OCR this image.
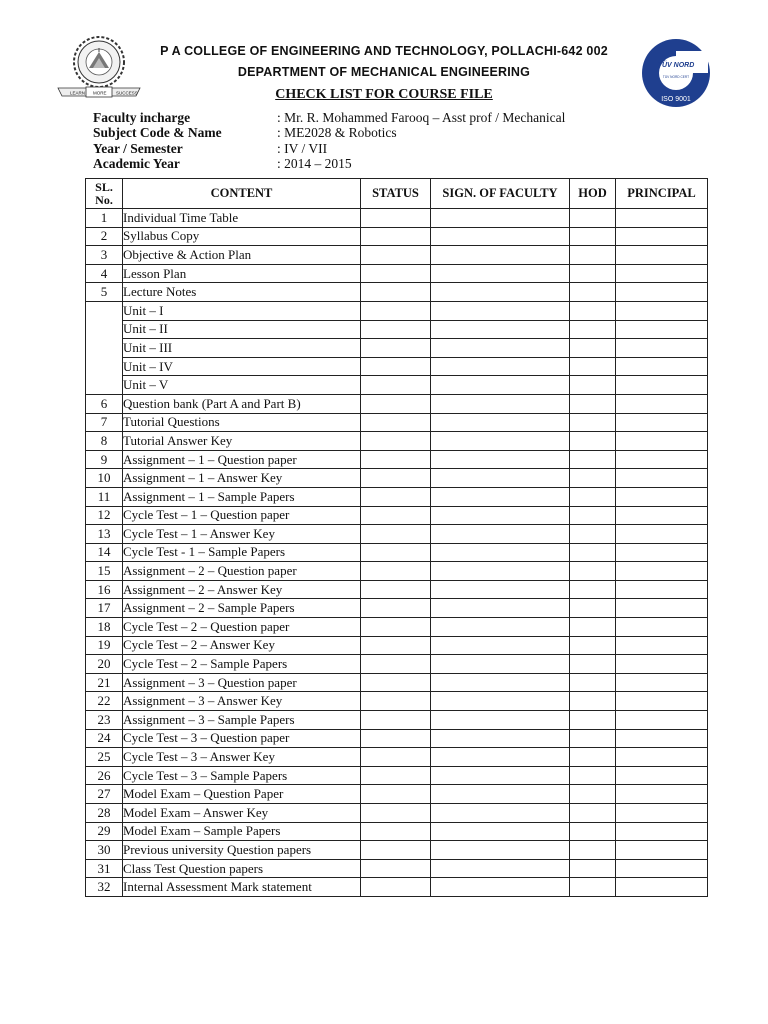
LEARN MORE SUCCESS
TÜV NORD
TÜV NORD CERT
ISO 9001
P A COLLEGE OF ENGINEERING AND TECHNOLOGY, POLLACHI-642 002
DEPARTMENT OF MECHANICAL ENGINEERING
CHECK LIST FOR COURSE FILE
Faculty incharge	: Mr. R. Mohammed Farooq – Asst prof / Mechanical
Subject Code & Name	: ME2028 & Robotics
Year / Semester	: IV / VII
Academic Year	: 2014 – 2015
SL.
No.	CONTENT	STATUS	SIGN. OF FACULTY	HOD	PRINCIPAL
1	Individual Time Table				
2	Syllabus Copy				
3	Objective & Action Plan				
4	Lesson Plan				
5	Lecture Notes				
	Unit – I				
	Unit – II				
	Unit – III				
	Unit – IV				
	Unit – V				
6	Question bank (Part A and Part B)				
7	Tutorial Questions				
8	Tutorial Answer Key				
9	Assignment – 1 – Question paper				
10	Assignment – 1 – Answer Key				
11	Assignment – 1 – Sample Papers				
12	Cycle Test – 1 – Question paper				
13	Cycle Test – 1 – Answer Key				
14	Cycle Test - 1 – Sample Papers				
15	Assignment – 2 – Question paper				
16	Assignment – 2 – Answer Key				
17	Assignment – 2 – Sample Papers				
18	Cycle Test – 2 – Question paper				
19	Cycle Test – 2 – Answer Key				
20	Cycle Test – 2 – Sample Papers				
21	Assignment – 3 – Question paper				
22	Assignment – 3 – Answer Key				
23	Assignment – 3 – Sample Papers				
24	Cycle Test – 3 – Question paper				
25	Cycle Test – 3 – Answer Key				
26	Cycle Test – 3 – Sample Papers				
27	Model Exam – Question Paper				
28	Model Exam – Answer Key				
29	Model Exam – Sample Papers				
30	Previous university Question papers				
31	Class Test Question papers				
32	Internal Assessment Mark statement				
